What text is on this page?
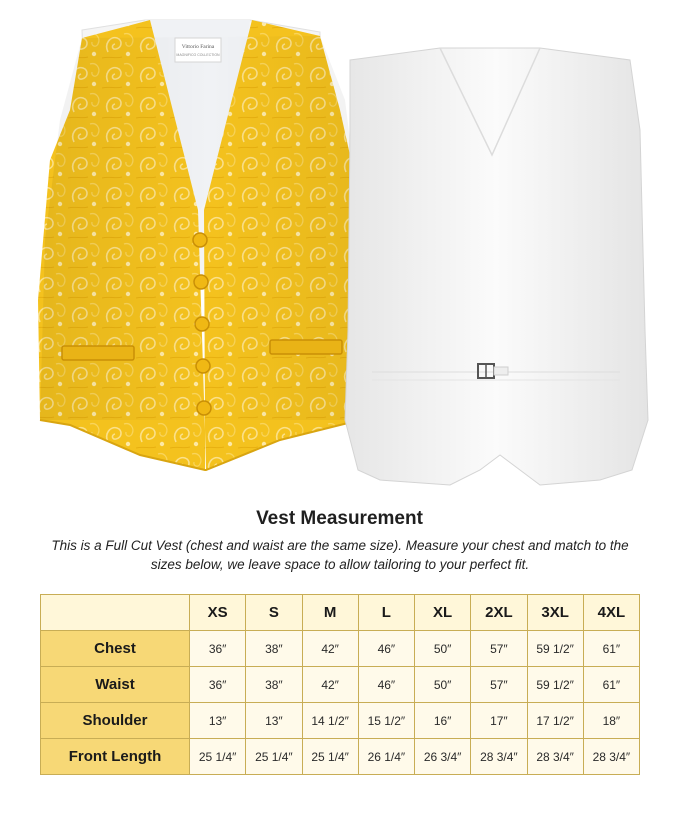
Vittorio Farina
MAGNIFICO COLLECTION
Vest Measurement
This is a Full Cut Vest (chest and waist are the same size). Measure your chest and match to the sizes below, we leave space to allow tailoring to your perfect fit.
	XS	S	M	L	XL	2XL	3XL	4XL
Chest	36″	38″	42″	46″	50″	57″	59 1/2″	61″
Waist	36″	38″	42″	46″	50″	57″	59 1/2″	61″
Shoulder	13″	13″	14 1/2″	15 1/2″	16″	17″	17 1/2″	18″
Front Length	25 1/4″	25 1/4″	25 1/4″	26 1/4″	26 3/4″	28 3/4″	28 3/4″	28 3/4″
